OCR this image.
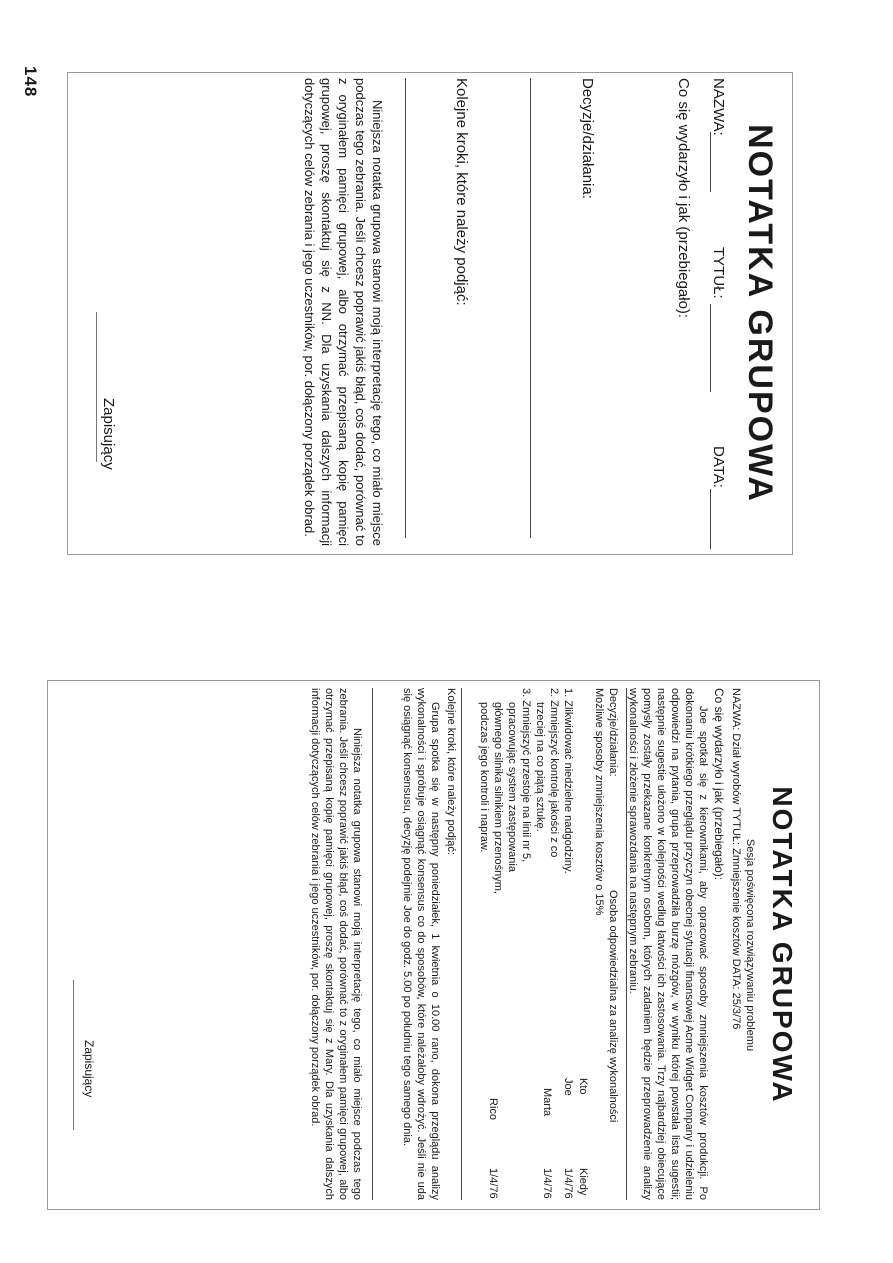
148
NOTATKA GRUPOWA
NAZWA:
TYTUŁ:
DATA:
Co się wydarzyło i jak (przebiegało):
Decyzje/działania:
Kolejne kroki, które należy podjąć:
Niniejsza notatka grupowa stanowi moją interpretację tego, co miało miejsce podczas tego zebrania. Jeśli chcesz poprawić jakiś błąd, coś dodać, porównać to z oryginałem pamięci grupowej, albo otrzymać przepisaną kopię pamięci grupowej, proszę skontaktuj się z NN. Dla uzyskania dalszych informacji dotyczących celów zebrania i jego uczestników, por. dołączony porządek obrad.
Zapisujący
NOTATKA GRUPOWA
Sesja poświęcona rozwiązywaniu problemu
NAZWA: Dział wyrobów TYTUŁ: Zmniejszenie kosztów DATA: 25/3/76
Co się wydarzyło i jak (przebiegało):
Joe spotkał się z kierownikami, aby opracować sposoby zmniejszenia kosztów produkcji. Po dokonaniu krótkiego przeglądu przyczyn obecnej sytuacji finansowej Acme Widget Company i udzieleniu odpowiedzi na pytania, grupa przeprowadziła burzę mózgów, w wyniku której powstała lista sugestii; następnie sugestie ułożono w kolejności według łatwości ich zastosowania. Trzy najbardziej obiecujące pomysły zostały przekazane konkretnym osobom, których zadaniem będzie przeprowadzenie analizy wykonalności i złożenie sprawozdania na następnym zebraniu.
Decyzje/działania:
Osoba odpowiedzialna za analizę wykonalności
Możliwe sposoby zmniejszenia kosztów o 15%
Kto
Kiedy
1. Zlikwidować niedzielne nadgodziny.
Joe
1/4/76
2. Zmniejszyć kontrolę jakości z co
trzeciej na co piątą sztukę.
Marta
1/4/76
3. Zmniejszyć przestoje na linii nr 5,
opracowując system zastępowania
głównego silnika silnikiem przenośnym,
podczas jego kontroli i napraw.
Rico
1/4/76
Kolejne kroki, które należy podjąć:
Grupa spotka się w następny poniedziałek, 1 kwietnia o 10.00 rano, dokona przeglądu analizy wykonalności i spróbuje osiągnąć konsensus co do sposobów, które należałoby wdrożyć. Jeśli nie uda się osiągnąć konsensusu, decyzję podejmie Joe do godz. 5.00 po południu tego samego dnia.
Niniejsza notatka grupowa stanowi moją interpretację tego, co miało miejsce podczas tego zebrania. Jeśli chcesz poprawić jakiś błąd, coś dodać, porównać to z oryginałem pamięci grupowej, albo otrzymać przepisaną kopię pamięci grupowej, proszę skontaktuj się z Mary. Dla uzyskania dalszych informacji dotyczących celów zebrania i jego uczestników, por. dołączony porządek obrad.
Zapisujący
